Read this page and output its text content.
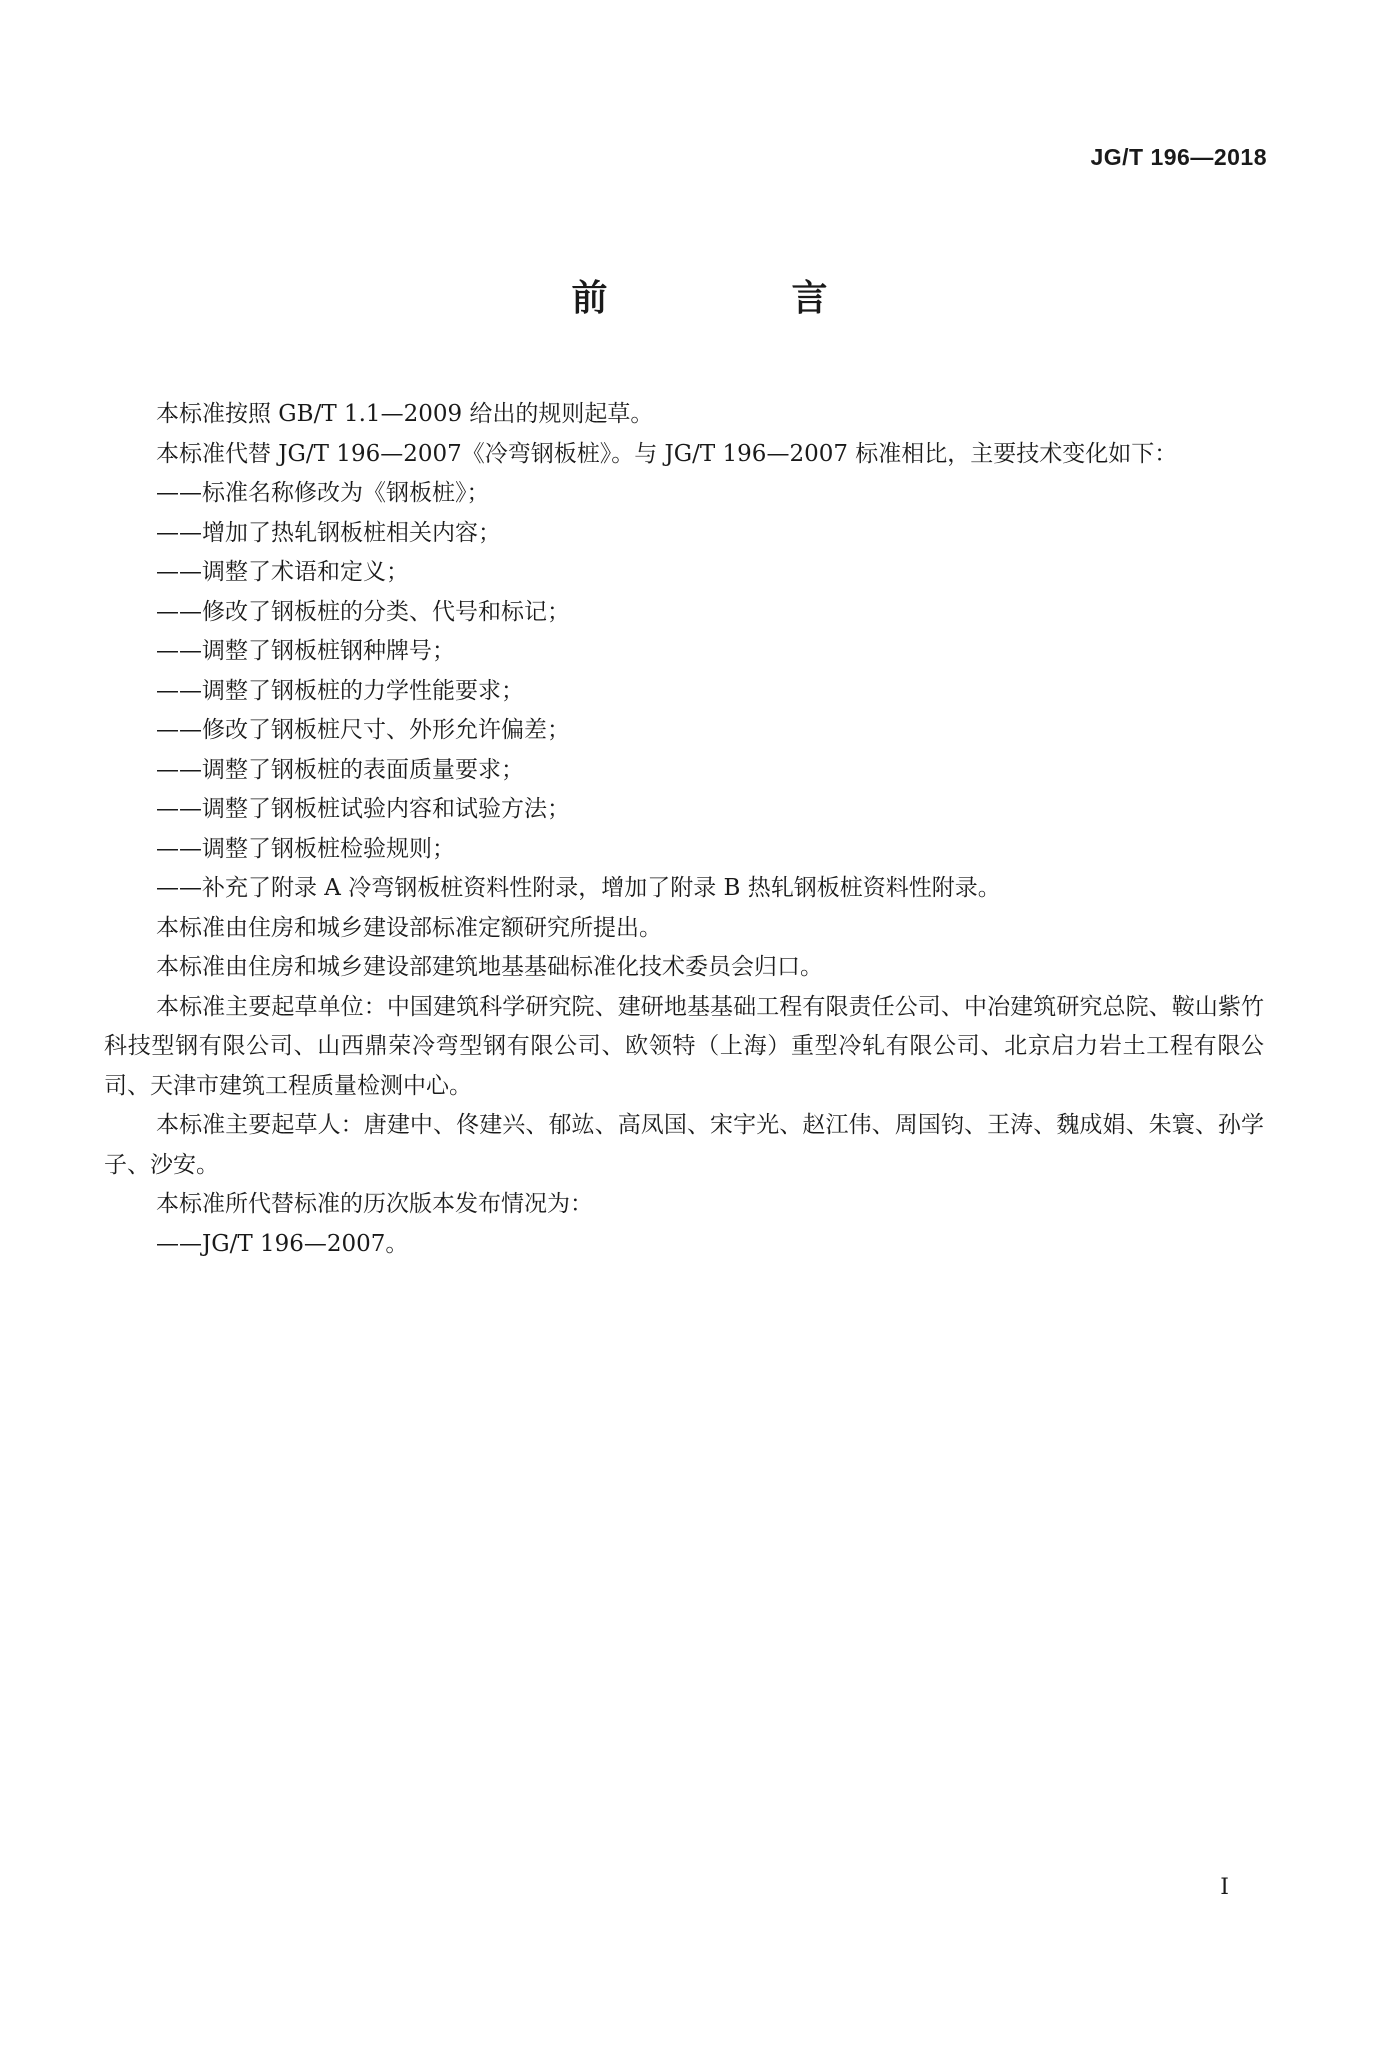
JG/T 196—2018
前　言

本标准按照 GB/T 1.1—2009 给出的规则起草。

本标准代替 JG/T 196—2007《冷弯钢板桩》。与 JG/T 196—2007 标准相比，主要技术变化如下：

——标准名称修改为《钢板桩》；

——增加了热轧钢板桩相关内容；

——调整了术语和定义；

——修改了钢板桩的分类、代号和标记；

——调整了钢板桩钢种牌号；

——调整了钢板桩的力学性能要求；

——修改了钢板桩尺寸、外形允许偏差；

——调整了钢板桩的表面质量要求；

——调整了钢板桩试验内容和试验方法；

——调整了钢板桩检验规则；

——补充了附录 A 冷弯钢板桩资料性附录，增加了附录 B 热轧钢板桩资料性附录。

本标准由住房和城乡建设部标准定额研究所提出。

本标准由住房和城乡建设部建筑地基基础标准化技术委员会归口。

本标准主要起草单位：中国建筑科学研究院、建研地基基础工程有限责任公司、中冶建筑研究总院、鞍山紫竹科技型钢有限公司、山西鼎荣冷弯型钢有限公司、欧领特（上海）重型冷轧有限公司、北京启力岩土工程有限公司、天津市建筑工程质量检测中心。

本标准主要起草人：唐建中、佟建兴、郁竑、高凤国、宋宇光、赵江伟、周国钧、王涛、魏成娟、朱寰、孙学子、沙安。

本标准所代替标准的历次版本发布情况为：

——JG/T 196—2007。

I
